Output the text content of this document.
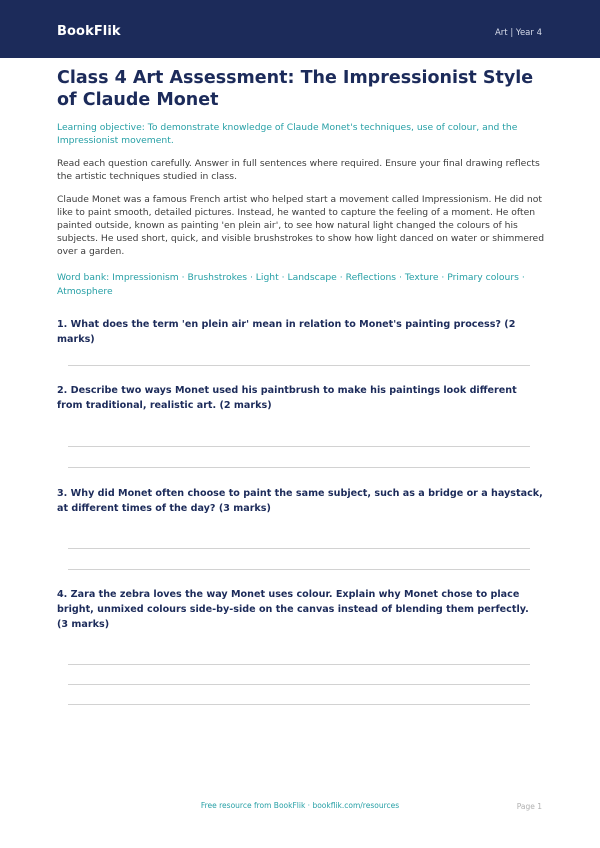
BookFlik	Art | Year 4
Class 4 Art Assessment: The Impressionist Style of Claude Monet

Learning objective: To demonstrate knowledge of Claude Monet's techniques, use of colour, and the Impressionist movement.

Read each question carefully. Answer in full sentences where required. Ensure your final drawing reflects the artistic techniques studied in class.

Claude Monet was a famous French artist who helped start a movement called Impressionism. He did not like to paint smooth, detailed pictures. Instead, he wanted to capture the feeling of a moment. He often painted outside, known as painting 'en plein air', to see how natural light changed the colours of his subjects. He used short, quick, and visible brushstrokes to show how light danced on water or shimmered over a garden.

Word bank: Impressionism · Brushstrokes · Light · Landscape · Reflections · Texture · Primary colours · Atmosphere

1. What does the term 'en plein air' mean in relation to Monet's painting process? (2 marks)

2. Describe two ways Monet used his paintbrush to make his paintings look different from traditional, realistic art. (2 marks)

3. Why did Monet often choose to paint the same subject, such as a bridge or a haystack, at different times of the day? (3 marks)

4. Zara the zebra loves the way Monet uses colour. Explain why Monet chose to place bright, unmixed colours side-by-side on the canvas instead of blending them perfectly. (3 marks)

Free resource from BookFlik · bookflik.com/resources	Page 1
